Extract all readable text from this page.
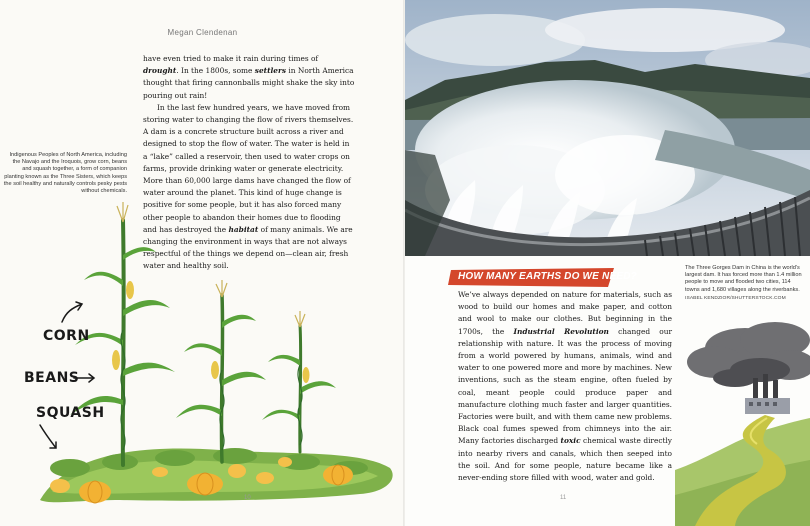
Megan Clendenan

have even tried to make it rain during times of drought. In the 1800s, some settlers in North America thought that firing cannonballs might shake the sky into pouring out rain!

In the last few hundred years, we have moved from storing water to changing the flow of rivers themselves. A dam is a concrete structure built across a river and designed to stop the flow of water. The water is held in a “lake” called a reservoir, then used to water crops on farms, provide drinking water or generate electricity. More than 60,000 large dams have changed the flow of water around the planet. This kind of huge change is positive for some people, but it has also forced many other people to abandon their homes due to flooding and has destroyed the habitat of many animals. We are changing the environment in ways that are not always respectful of the things we depend on—clean air, fresh water and healthy soil.

Indigenous Peoples of North America, including the Navajo and the Iroquois, grow corn, beans and squash together, a form of companion planting known as the Three Sisters, which keeps the soil healthy and naturally controls pesky pests without chemicals.
CORN
BEANS
SQUASH
10
The Three Gorges Dam in China is the world’s largest dam. It has forced more than 1.4 million people to move and flooded two cities, 114 towns and 1,680 villages along the riverbanks.
ISABEL KENDZIOR/SHUTTERSTOCK.COM
HOW MANY EARTHS DO WE NEED?

We’ve always depended on nature for materials, such as wood to build our homes and make paper, and cotton and wool to make our clothes. But beginning in the 1700s, the Industrial Revolution changed our relationship with nature. It was the process of moving from a world powered by humans, animals, wind and water to one powered more and more by machines. New inventions, such as the steam engine, often fueled by coal, meant people could produce paper and manufacture clothing much faster and larger quantities. Factories were built, and with them came new problems. Black coal fumes spewed from chimneys into the air. Many factories discharged toxic chemical waste directly into nearby rivers and canals, which then seeped into the soil. And for some people, nature became like a never-ending store filled with wood, water and gold.

11
